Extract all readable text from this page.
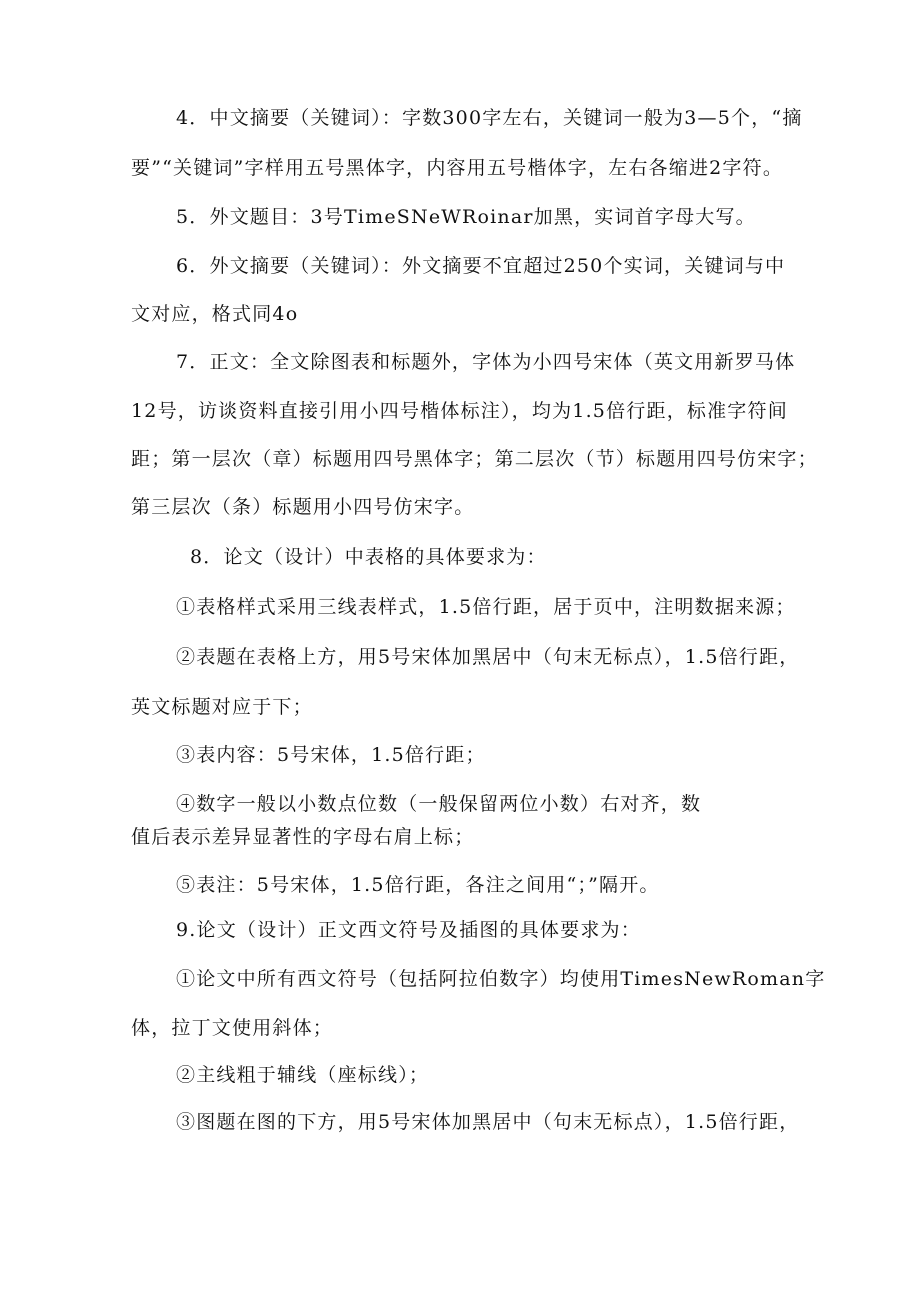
4．中文摘要（关键词）：字数300字左右，关键词一般为3—5个，“摘
要”“关键词”字样用五号黑体字，内容用五号楷体字，左右各缩进2字符。
5．外文题目：3号TimeSNeWRoinar加黑，实词首字母大写。
6．外文摘要（关键词）：外文摘要不宜超过250个实词，关键词与中
文对应，格式同4o
7．正文：全文除图表和标题外，字体为小四号宋体（英文用新罗马体
12号，访谈资料直接引用小四号楷体标注），均为1.5倍行距，标准字符间
距；第一层次（章）标题用四号黑体字；第二层次（节）标题用四号仿宋字；
第三层次（条）标题用小四号仿宋字。
8．论文（设计）中表格的具体要求为：
①表格样式采用三线表样式，1.5倍行距，居于页中，注明数据来源；
②表题在表格上方，用5号宋体加黑居中（句末无标点），1.5倍行距，
英文标题对应于下；
③表内容：5号宋体，1.5倍行距；
④数字一般以小数点位数（一般保留两位小数）右对齐，数
值后表示差异显著性的字母右肩上标；
⑤表注：5号宋体，1.5倍行距，各注之间用“；”隔开。
9.论文（设计）正文西文符号及插图的具体要求为：
①论文中所有西文符号（包括阿拉伯数字）均使用TimesNewRoman字
体，拉丁文使用斜体；
②主线粗于辅线（座标线）；
③图题在图的下方，用5号宋体加黑居中（句末无标点），1.5倍行距，
